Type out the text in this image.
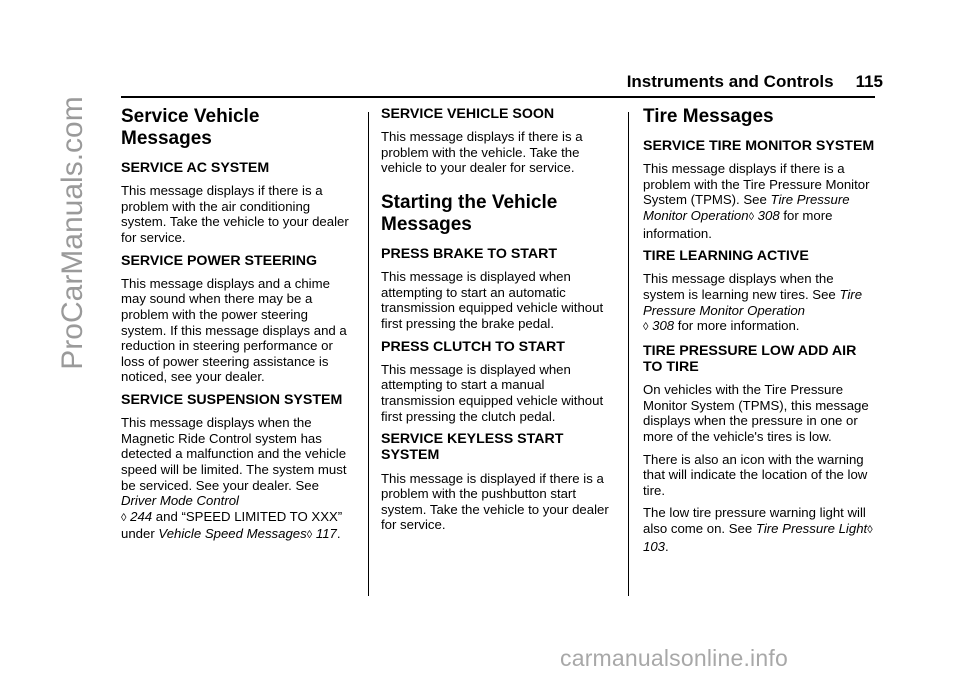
ProCarManuals.com
Instruments and Controls 115
Service Vehicle Messages
SERVICE AC SYSTEM

This message displays if there is a problem with the air conditioning system. Take the vehicle to your dealer for service.

SERVICE POWER STEERING

This message displays and a chime may sound when there may be a problem with the power steering system. If this message displays and a reduction in steering performance or loss of power steering assistance is noticed, see your dealer.

SERVICE SUSPENSION SYSTEM

This message displays when the Magnetic Ride Control system has detected a malfunction and the vehicle speed will be limited. The system must be serviced. See your dealer. See Driver Mode Control
◊ 244 and “SPEED LIMITED TO XXX” under Vehicle Speed Messages◊ 117.

SERVICE VEHICLE SOON

This message displays if there is a problem with the vehicle. Take the vehicle to your dealer for service.

Starting the Vehicle Messages
PRESS BRAKE TO START

This message is displayed when attempting to start an automatic transmission equipped vehicle without first pressing the brake pedal.

PRESS CLUTCH TO START

This message is displayed when attempting to start a manual transmission equipped vehicle without first pressing the clutch pedal.

SERVICE KEYLESS START SYSTEM

This message is displayed if there is a problem with the pushbutton start system. Take the vehicle to your dealer for service.

Tire Messages
SERVICE TIRE MONITOR SYSTEM

This message displays if there is a problem with the Tire Pressure Monitor System (TPMS). See Tire Pressure Monitor Operation◊ 308 for more information.

TIRE LEARNING ACTIVE

This message displays when the system is learning new tires. See Tire Pressure Monitor Operation
◊ 308 for more information.

TIRE PRESSURE LOW ADD AIR TO TIRE

On vehicles with the Tire Pressure Monitor System (TPMS), this message displays when the pressure in one or more of the vehicle's tires is low.

There is also an icon with the warning that will indicate the location of the low tire.

The low tire pressure warning light will also come on. See Tire Pressure Light◊ 103.

carmanualsonline.info
